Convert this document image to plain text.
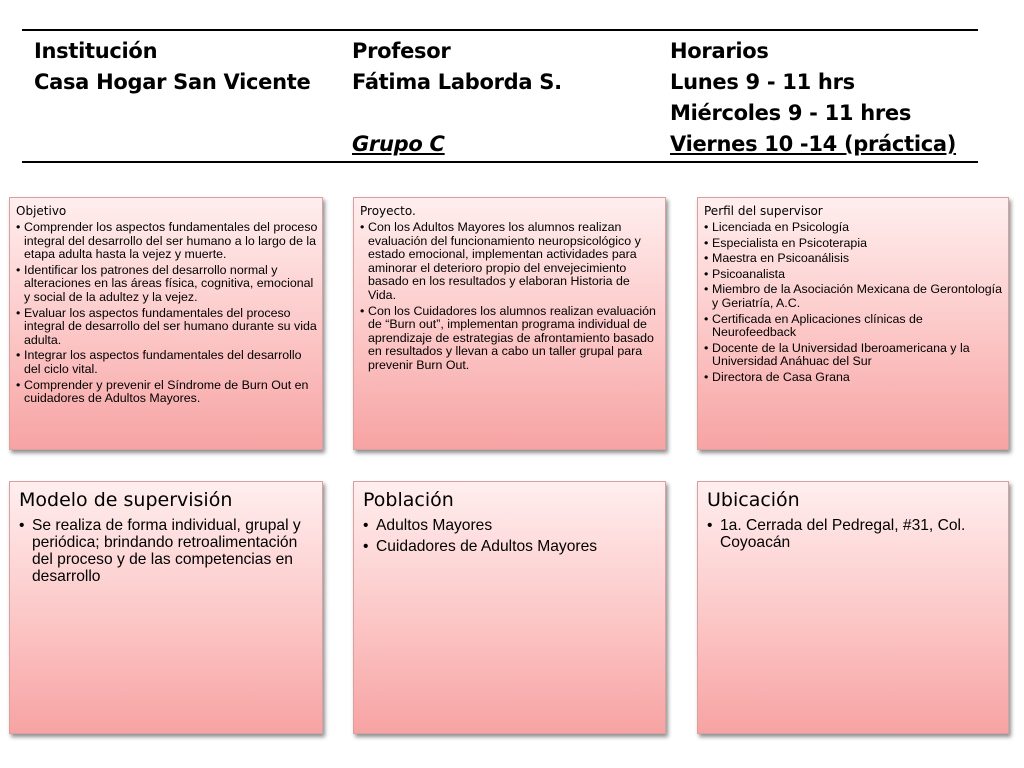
Institución
Casa Hogar San Vicente
Profesor
Fátima Laborda S.
Grupo C
Horarios
Lunes 9 - 11 hrs
Miércoles 9 - 11 hres
Viernes 10 -14 (práctica)
Objetivo
• Comprender los aspectos fundamentales del proceso integral del desarrollo del ser humano a lo largo de la etapa adulta hasta la vejez y muerte.
• Identificar los patrones del desarrollo normal y alteraciones en las áreas física, cognitiva, emocional y social de la adultez y la vejez.
• Evaluar los aspectos fundamentales del proceso integral de desarrollo del ser humano durante su vida adulta.
• Integrar los aspectos fundamentales del desarrollo del ciclo vital.
• Comprender y prevenir el Síndrome de Burn Out en cuidadores de Adultos Mayores.
Proyecto.
• Con los Adultos Mayores los alumnos realizan evaluación del funcionamiento neuropsicológico y estado emocional, implementan actividades para aminorar el deterioro propio del envejecimiento basado en los resultados y elaboran Historia de Vida.
• Con los Cuidadores los alumnos realizan evaluación de “Burn out”, implementan programa individual de aprendizaje de estrategias de afrontamiento basado en resultados y llevan a cabo un taller grupal para prevenir Burn Out.
Perfil del supervisor
• Licenciada en Psicología
• Especialista en Psicoterapia
• Maestra en Psicoanálisis
• Psicoanalista
• Miembro de la Asociación Mexicana de Gerontología y Geriatría, A.C.
• Certificada en Aplicaciones clínicas de Neurofeedback
• Docente de la Universidad Iberoamericana y la Universidad Anáhuac del Sur
• Directora de Casa Grana
Modelo de supervisión
• Se realiza de forma individual, grupal y periódica; brindando retroalimentación del proceso y de las competencias en desarrollo
Población
• Adultos Mayores
• Cuidadores de Adultos Mayores
Ubicación
• 1a. Cerrada del Pedregal, #31, Col. Coyoacán
